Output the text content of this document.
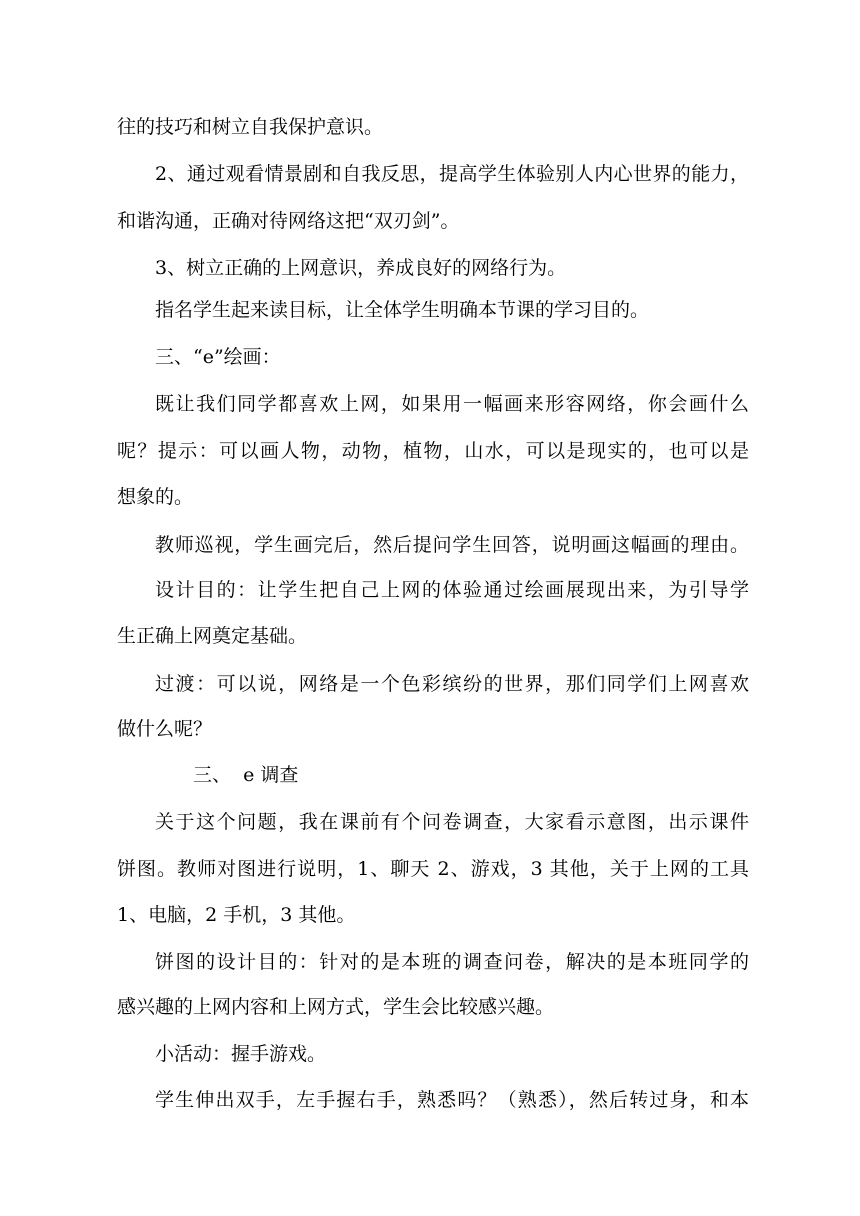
往的技巧和树立自我保护意识。
2、通过观看情景剧和自我反思，提高学生体验别人内心世界的能力，
和谐沟通，正确对待网络这把“双刃剑”。
3、树立正确的上网意识，养成良好的网络行为。
指名学生起来读目标，让全体学生明确本节课的学习目的。
三、“e”绘画：
既让我们同学都喜欢上网，如果用一幅画来形容网络，你会画什么
呢？提示：可以画人物，动物，植物，山水，可以是现实的，也可以是
想象的。
教师巡视，学生画完后，然后提问学生回答，说明画这幅画的理由。
设计目的：让学生把自己上网的体验通过绘画展现出来，为引导学
生正确上网奠定基础。
过渡：可以说，网络是一个色彩缤纷的世界，那们同学们上网喜欢
做什么呢？
三、  e 调查
关于这个问题，我在课前有个问卷调查，大家看示意图，出示课件
饼图。教师对图进行说明，1、聊天 2、游戏，3 其他，关于上网的工具
1、电脑，2 手机，3 其他。
饼图的设计目的：针对的是本班的调查问卷，解决的是本班同学的
感兴趣的上网内容和上网方式，学生会比较感兴趣。
小活动：握手游戏。
学生伸出双手，左手握右手，熟悉吗？（熟悉），然后转过身，和本
